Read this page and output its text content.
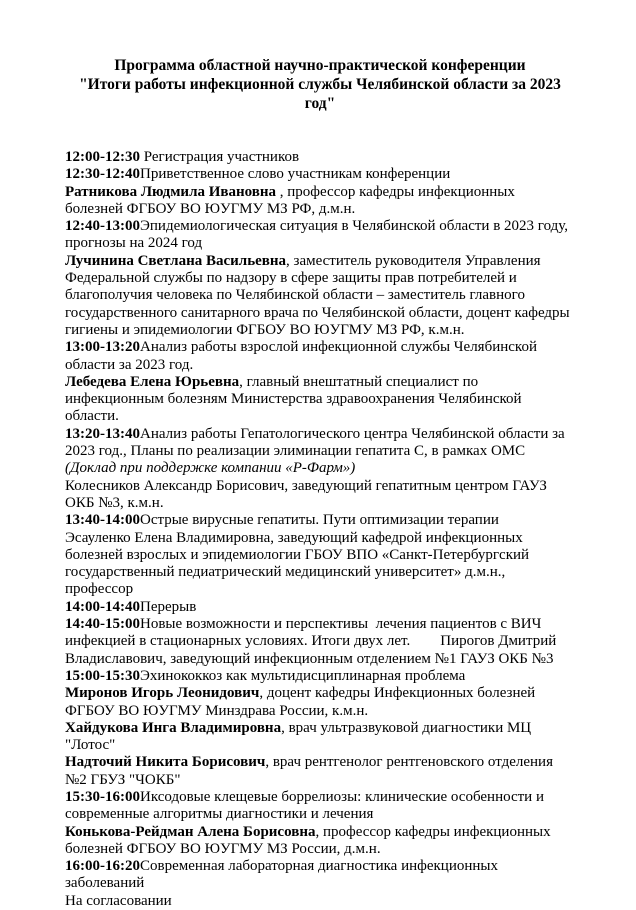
Программа областной научно-практической конференции
"Итоги работы инфекционной службы Челябинской области за 2023 год"

12:00-12:30 Регистрация участников

12:30-12:40Приветственное слово участникам конференции

Ратникова Людмила Ивановна , профессор кафедры инфекционных болезней ФГБОУ ВО ЮУГМУ МЗ РФ, д.м.н.

12:40-13:00Эпидемиологическая ситуация в Челябинской области в 2023 году, прогнозы на 2024 год

Лучинина Светлана Васильевна, заместитель руководителя Управления Федеральной службы по надзору в сфере защиты прав потребителей и благополучия человека по Челябинской области – заместитель главного государственного санитарного врача по Челябинской области, доцент кафедры гигиены и эпидемиологии ФГБОУ ВО ЮУГМУ МЗ РФ, к.м.н.

13:00-13:20Анализ работы взрослой инфекционной службы Челябинской области за 2023 год.

Лебедева Елена Юрьевна, главный внештатный специалист по инфекционным болезням Министерства здравоохранения Челябинской области.

13:20-13:40Анализ работы Гепатологического центра Челябинской области за 2023 год., Планы по реализации элиминации гепатита С, в рамках ОМС (Доклад при поддержке компании «Р-Фарм»)

Колесников Александр Борисович, заведующий гепатитным центром ГАУЗ ОКБ №3, к.м.н.

13:40-14:00Острые вирусные гепатиты. Пути оптимизации терапии

Эсауленко Елена Владимировна, заведующий кафедрой инфекционных болезней взрослых и эпидемиологии ГБОУ ВПО «Санкт-Петербургский государственный педиатрический медицинский университет» д.м.н., профессор

14:00-14:40Перерыв

14:40-15:00Новые возможности и перспективы  лечения пациентов с ВИЧ инфекцией в стационарных условиях. Итоги двух лет.        Пирогов Дмитрий Владиславович, заведующий инфекционным отделением №1 ГАУЗ ОКБ №3

15:00-15:30Эхинококкоз как мультидисциплинарная проблема

Миронов Игорь Леонидович, доцент кафедры Инфекционных болезней ФГБОУ ВО ЮУГМУ Минздрава России, к.м.н.

Хайдукова Инга Владимировна, врач ультразвуковой диагностики МЦ "Лотос"

Надточий Никита Борисович, врач рентгенолог рентгеновского отделения №2 ГБУЗ "ЧОКБ"

15:30-16:00Иксодовые клещевые боррелиозы: клинические особенности и современные алгоритмы диагностики и лечения

Конькова-Рейдман Алена Борисовна, профессор кафедры инфекционных болезней ФГБОУ ВО ЮУГМУ МЗ России, д.м.н.

16:00-16:20Современная лабораторная диагностика инфекционных заболеваний

На согласовании
